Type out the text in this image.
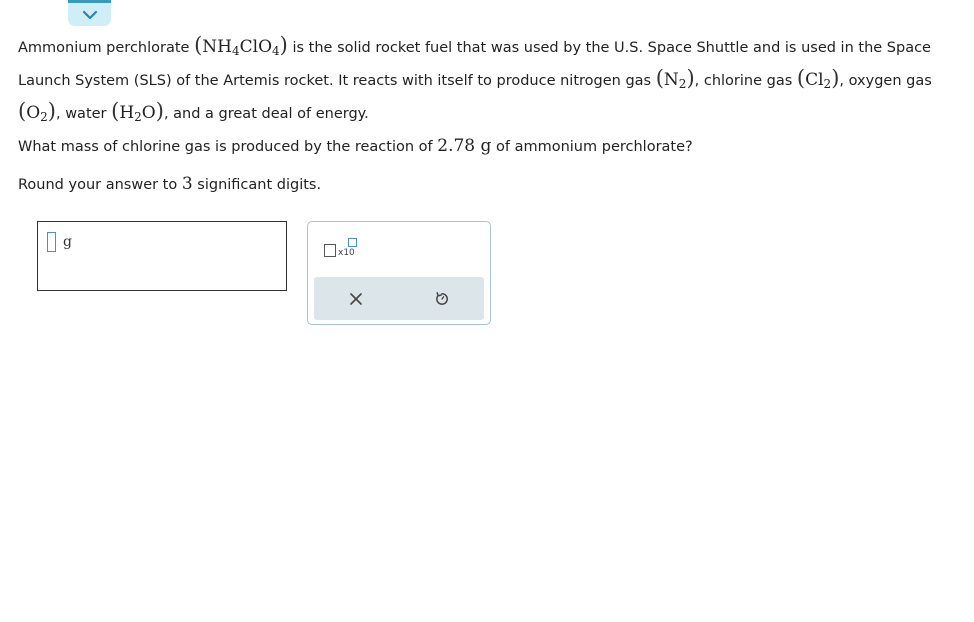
Ammonium perchlorate $(NH_4ClO_4)$ is the solid rocket fuel that was used by the U.S. Space Shuttle and is used in the Space Launch System (SLS) of the Artemis rocket. It reacts with itself to produce nitrogen gas $(N_2)$, chlorine gas $(Cl_2)$, oxygen gas $(O_2)$, water $(H_2O)$, and a great deal of energy.

What mass of chlorine gas is produced by the reaction of 2.78 g of ammonium perchlorate?
Round your answer to 3 significant digits.
g
x10
